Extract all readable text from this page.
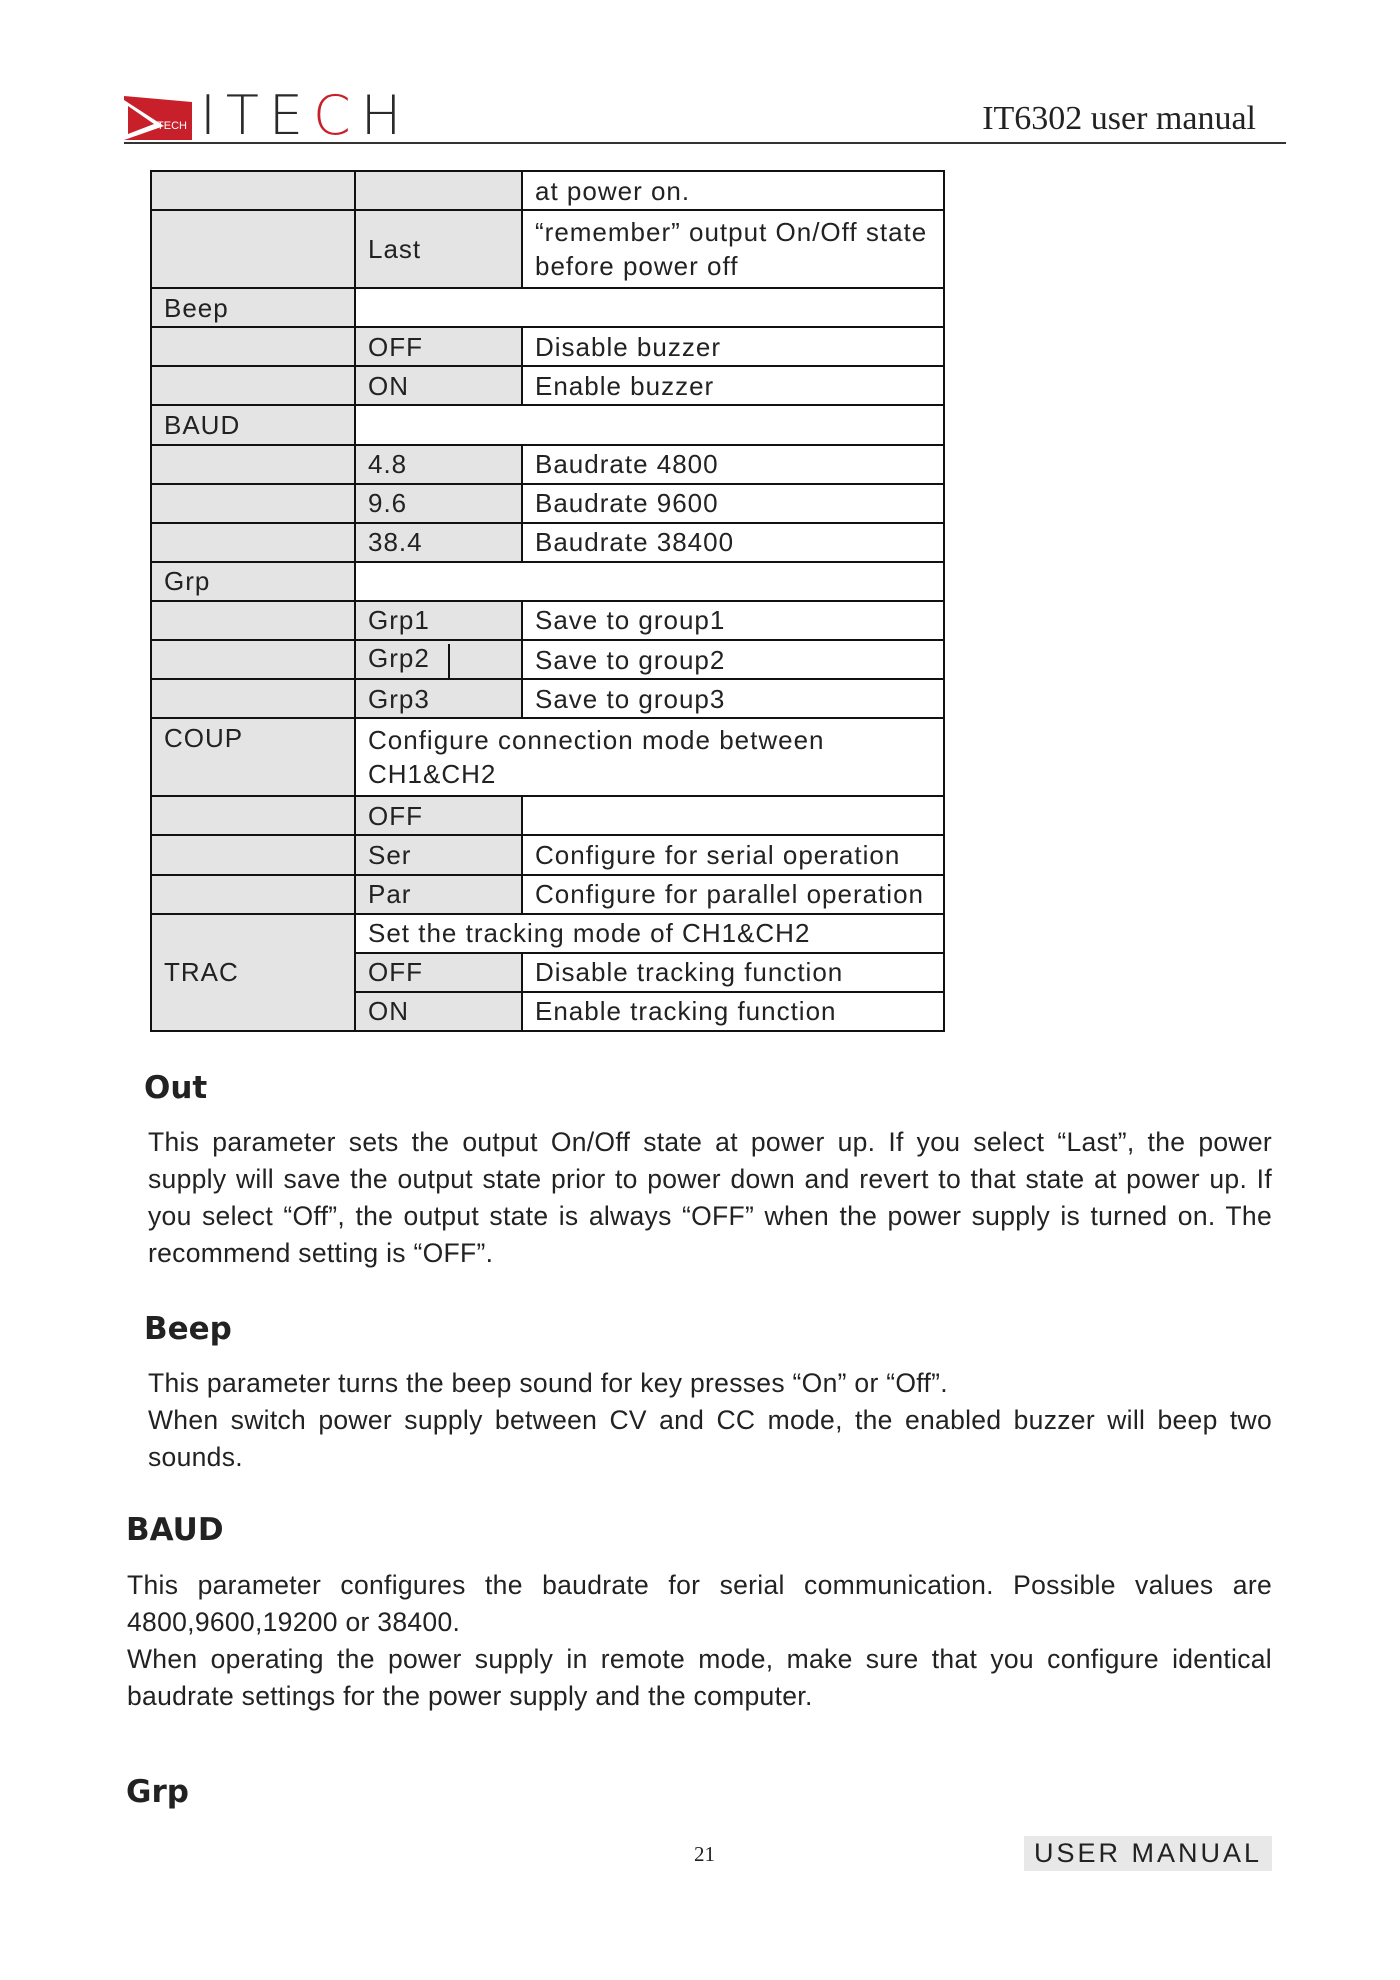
ITECH ITECH	IT6302 user manual
		at power on.
	Last	“remember” output On/Off state before power off
Beep		
	OFF	Disable buzzer
	ON	Enable buzzer
BAUD		
	4.8	Baudrate 4800
	9.6	Baudrate 9600
	38.4	Baudrate 38400
Grp		
	Grp1	Save to group1
	Grp2	Save to group2
	Grp3	Save to group3
COUP	Configure connection mode between CH1&CH2	
	OFF	
	Ser	Configure for serial operation
	Par	Configure for parallel operation
TRAC	Set the tracking mode of CH1&CH2	
	OFF	Disable tracking function
	ON	Enable tracking function
Out

This parameter sets the output On/Off state at power up. If you select “Last”, the power supply will save the output state prior to power down and revert to that state at power up. If you select “Off”, the output state is always “OFF” when the power supply is turned on. The recommend setting is “OFF”.

Beep

This parameter turns the beep sound for key presses “On” or “Off”.

When switch power supply between CV and CC mode, the enabled buzzer will beep two sounds.

BAUD

This parameter configures the baudrate for serial communication. Possible values are 4800,9600,19200 or 38400.

When operating the power supply in remote mode, make sure that you configure identical baudrate settings for the power supply and the computer.

Grp
21	USER MANUAL
